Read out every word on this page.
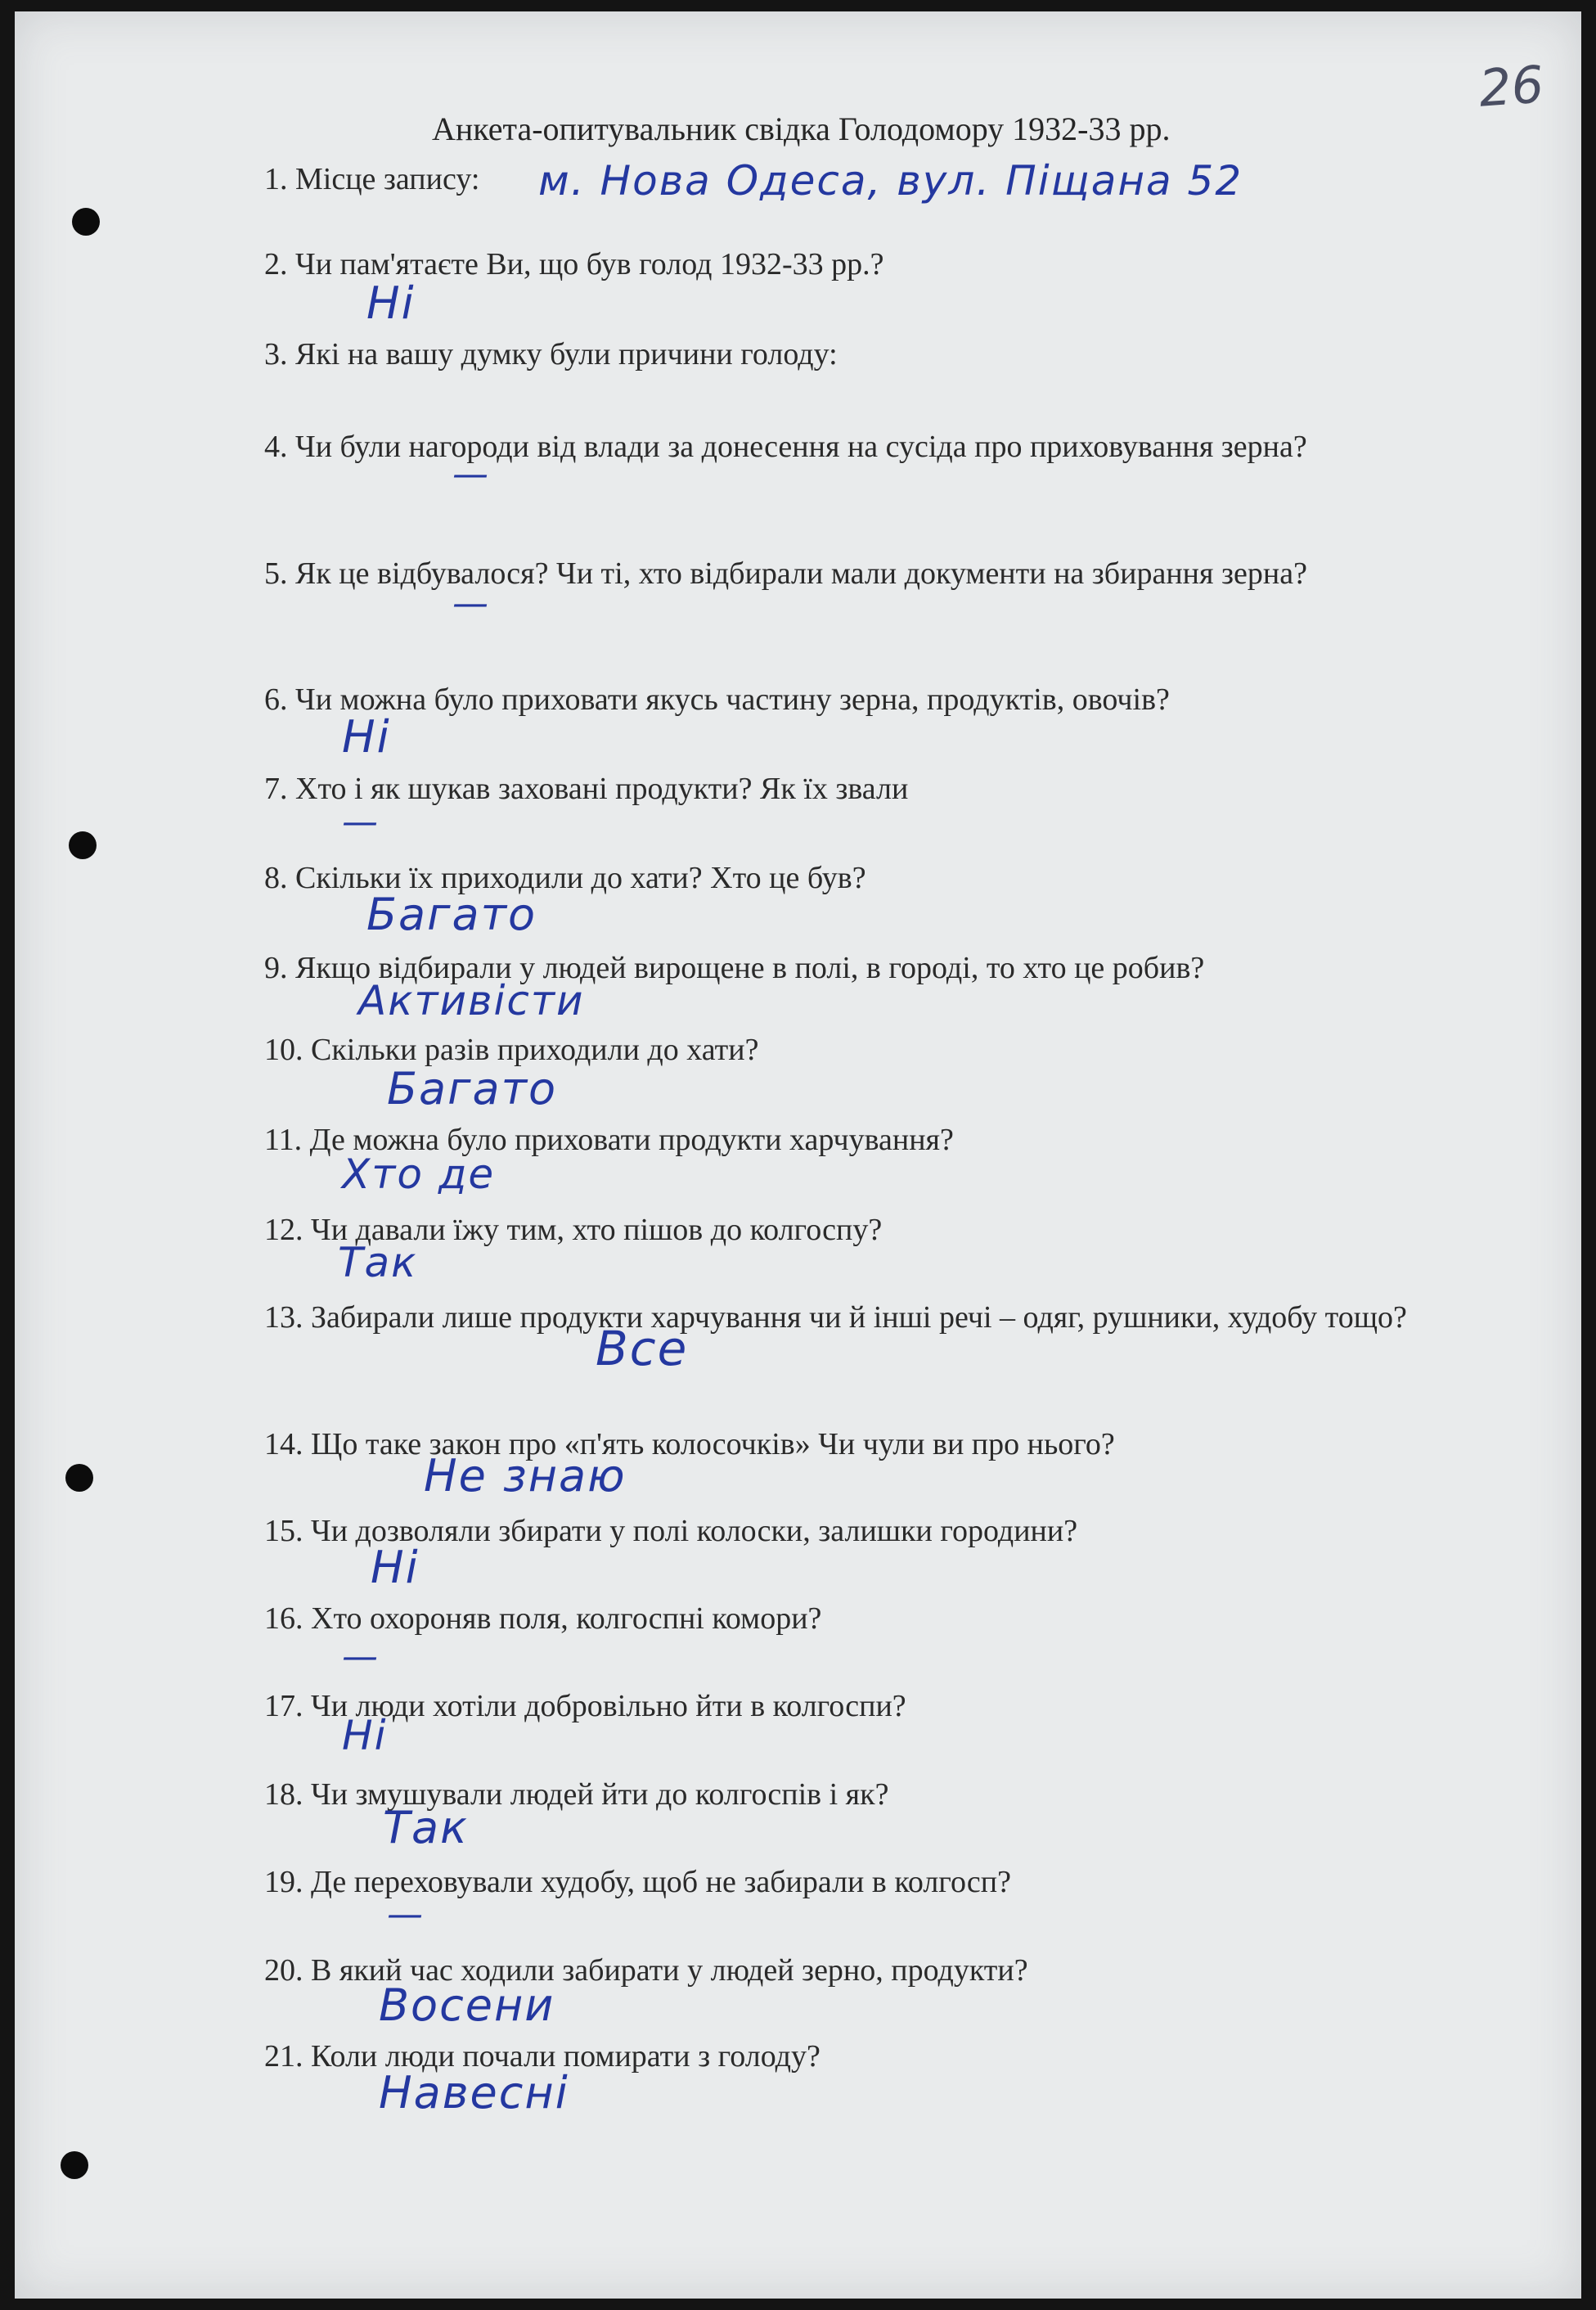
26
Анкета-опитувальник свідка Голодомору 1932-33 рр.
1. Місце запису:	м. Нова Одеса, вул. Піщана 52
2. Чи пам'ятаєте Ви, що був голод 1932-33 рр.?
Ні
3. Які на вашу думку були причини голоду:
4. Чи були нагороди від влади за донесення на сусіда про приховування зерна?
—
5. Як це відбувалося? Чи ті, хто відбирали мали документи на збирання зерна?
—
6. Чи можна було приховати якусь частину зерна, продуктів, овочів?
Ні
7. Хто і як шукав заховані продукти? Як їх звали
—
8. Скільки їх приходили до хати? Хто це був?
Багато
9. Якщо відбирали у людей вирощене в полі, в городі, то хто це робив?
Активісти
10. Скільки разів приходили до хати?
Багато
11. Де можна було приховати продукти харчування?
Хто де
12. Чи давали їжу тим, хто пішов до колгоспу?
Так
13. Забирали лише продукти харчування чи й інші речі – одяг, рушники, худобу тощо?
Все
14. Що таке закон про «п'ять колосочків» Чи чули ви про нього?
Не знаю
15. Чи дозволяли збирати у полі колоски, залишки городини?
Ні
16. Хто охороняв поля, колгоспні комори?
—
17. Чи люди хотіли добровільно йти в колгоспи?
Ні
18. Чи змушували людей йти до колгоспів і як?
Так
19. Де переховували худобу, щоб не забирали в колгосп?
—
20. В який час ходили забирати у людей зерно, продукти?
Восени
21. Коли люди почали помирати з голоду?
Навесні
